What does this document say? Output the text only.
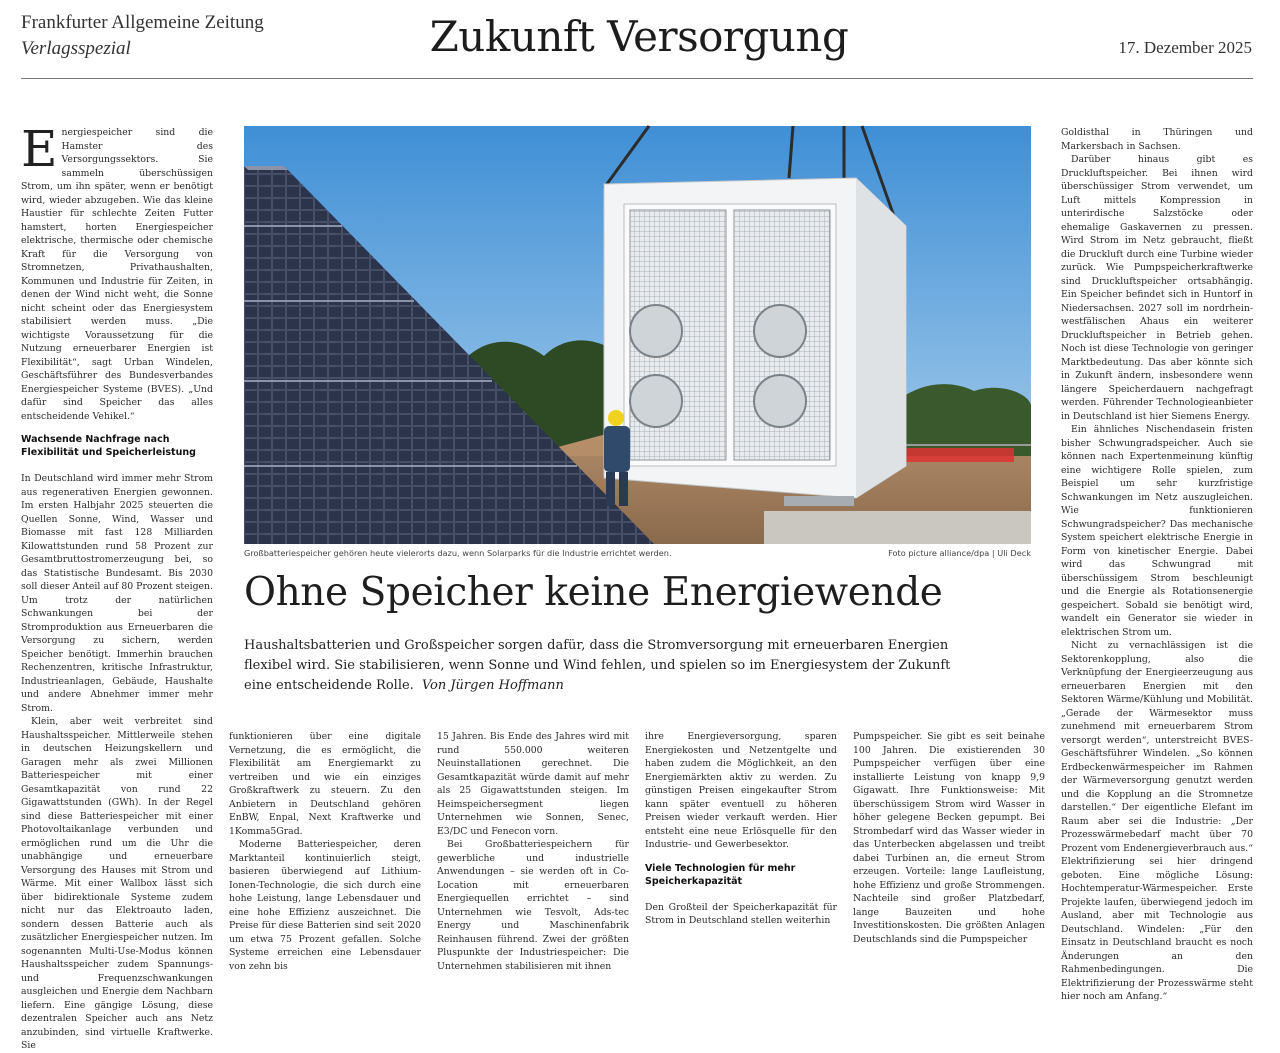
Frankfurter Allgemeine Zeitung
Verlagsspezial	Zukunft Versorgung	17. Dezember 2025

Energiespeicher sind die Hamster des Versorgungssektors. Sie sammeln überschüssigen Strom, um ihn später, wenn er benötigt wird, wieder abzugeben. Wie das kleine Haustier für schlechte Zeiten Futter hamstert, horten Energiespeicher elektrische, thermische oder chemische Kraft für die Versorgung von Stromnetzen, Privathaushalten, Kommunen und Industrie für Zeiten, in denen der Wind nicht weht, die Sonne nicht scheint oder das Energiesystem stabilisiert werden muss. „Die wichtigste Voraussetzung für die Nutzung erneuerbarer Energien ist Flexibilität“, sagt Urban Windelen, Geschäftsführer des Bundesverbandes Energiespeicher Systeme (BVES). „Und dafür sind Speicher das alles entscheidende Vehikel.“

Wachsende Nachfrage nach Flexibilität und Speicherleistung

In Deutschland wird immer mehr Strom aus regenerativen Energien gewonnen. Im ersten Halbjahr 2025 steuerten die Quellen Sonne, Wind, Wasser und Biomasse mit fast 128 Milliarden Kilowattstunden rund 58 Prozent zur Gesamtbruttostromerzeugung bei, so das Statistische Bundesamt. Bis 2030 soll dieser Anteil auf 80 Prozent steigen. Um trotz der natürlichen Schwankungen bei der Stromproduktion aus Erneuerbaren die Versorgung zu sichern, werden Speicher benötigt. Immerhin brauchen Rechenzentren, kritische Infrastruktur, Industrieanlagen, Gebäude, Haushalte und andere Abnehmer immer mehr Strom.

Klein, aber weit verbreitet sind Haushaltsspeicher. Mittlerweile stehen in deutschen Heizungskellern und Garagen mehr als zwei Millionen Batteriespeicher mit einer Gesamtkapazität von rund 22 Gigawattstunden (GWh). In der Regel sind diese Batteriespeicher mit einer Photovoltaikanlage verbunden und ermöglichen rund um die Uhr die unabhängige und erneuerbare Versorgung des Hauses mit Strom und Wärme. Mit einer Wallbox lässt sich über bidirektionale Systeme zudem nicht nur das Elektroauto laden, sondern dessen Batterie auch als zusätzlicher Energiespeicher nutzen. Im sogenannten Multi-Use-Modus können Haushaltsspeicher zudem Spannungs- und Frequenzschwankungen ausgleichen und Energie dem Nachbarn liefern. Eine gängige Lösung, diese dezentralen Speicher auch ans Netz anzubinden, sind virtuelle Kraftwerke. Sie

Großbatteriespeicher gehören heute vielerorts dazu, wenn Solarparks für die Industrie errichtet werden.	Foto picture alliance/dpa | Uli Deck
Ohne Speicher keine Energiewende
Haushaltsbatterien und Großspeicher sorgen dafür, dass die Stromversorgung mit erneuerbaren Energien flexibel wird. Sie stabilisieren, wenn Sonne und Wind fehlen, und spielen so im Energiesystem der Zukunft eine entscheidende Rolle. Von Jürgen Hoffmann

funktionieren über eine digitale Vernetzung, die es ermöglicht, die Flexibilität am Energiemarkt zu vertreiben und wie ein einziges Großkraftwerk zu steuern. Zu den Anbietern in Deutschland gehören EnBW, Enpal, Next Kraftwerke und 1Komma5Grad.

Moderne Batteriespeicher, deren Marktanteil kontinuierlich steigt, basieren überwiegend auf Lithium-Ionen-Technologie, die sich durch eine hohe Leistung, lange Lebensdauer und eine hohe Effizienz auszeichnet. Die Preise für diese Batterien sind seit 2020 um etwa 75 Prozent gefallen. Solche Systeme erreichen eine Lebensdauer von zehn bis

15 Jahren. Bis Ende des Jahres wird mit rund 550.000 weiteren Neuinstallationen gerechnet. Die Gesamtkapazität würde damit auf mehr als 25 Gigawattstunden steigen. Im Heimspeichersegment liegen Unternehmen wie Sonnen, Senec, E3/DC und Fenecon vorn.

Bei Großbatteriespeichern für gewerbliche und industrielle Anwendungen – sie werden oft in Co-Location mit erneuerbaren Energiequellen errichtet – sind Unternehmen wie Tesvolt, Ads-tec Energy und Maschinenfabrik Reinhausen führend. Zwei der größten Pluspunkte der Industriespeicher: Die Unternehmen stabilisieren mit ihnen

ihre Energieversorgung, sparen Energiekosten und Netzentgelte und haben zudem die Möglichkeit, an den Energiemärkten aktiv zu werden. Zu günstigen Preisen eingekaufter Strom kann später eventuell zu höheren Preisen wieder verkauft werden. Hier entsteht eine neue Erlösquelle für den Industrie- und Gewerbesektor.

Viele Technologien für mehr Speicherkapazität

Den Großteil der Speicherkapazität für Strom in Deutschland stellen weiterhin

Pumpspeicher. Sie gibt es seit beinahe 100 Jahren. Die existierenden 30 Pumpspeicher verfügen über eine installierte Leistung von knapp 9,9 Gigawatt. Ihre Funktionsweise: Mit überschüssigem Strom wird Wasser in höher gelegene Becken gepumpt. Bei Strombedarf wird das Wasser wieder in das Unterbecken abgelassen und treibt dabei Turbinen an, die erneut Strom erzeugen. Vorteile: lange Laufleistung, hohe Effizienz und große Strommengen. Nachteile sind großer Platzbedarf, lange Bauzeiten und hohe Investitionskosten. Die größten Anlagen Deutschlands sind die Pumpspeicher

Goldisthal in Thüringen und Markersbach in Sachsen.

Darüber hinaus gibt es Druckluftspeicher. Bei ihnen wird überschüssiger Strom verwendet, um Luft mittels Kompression in unterirdische Salzstöcke oder ehemalige Gaskavernen zu pressen. Wird Strom im Netz gebraucht, fließt die Druckluft durch eine Turbine wieder zurück. Wie Pumpspeicherkraftwerke sind Druckluftspeicher ortsabhängig. Ein Speicher befindet sich in Huntorf in Niedersachsen. 2027 soll im nordrhein-westfälischen Ahaus ein weiterer Druckluftspeicher in Betrieb gehen. Noch ist diese Technologie von geringer Marktbedeutung. Das aber könnte sich in Zukunft ändern, insbesondere wenn längere Speicherdauern nachgefragt werden. Führender Technologieanbieter in Deutschland ist hier Siemens Energy.

Ein ähnliches Nischendasein fristen bisher Schwungradspeicher. Auch sie können nach Expertenmeinung künftig eine wichtigere Rolle spielen, zum Beispiel um sehr kurzfristige Schwankungen im Netz auszugleichen. Wie funktionieren Schwungradspeicher? Das mechanische System speichert elektrische Energie in Form von kinetischer Energie. Dabei wird das Schwungrad mit überschüssigem Strom beschleunigt und die Energie als Rotationsenergie gespeichert. Sobald sie benötigt wird, wandelt ein Generator sie wieder in elektrischen Strom um.

Nicht zu vernachlässigen ist die Sektorenkopplung, also die Verknüpfung der Energieerzeugung aus erneuerbaren Energien mit den Sektoren Wärme/Kühlung und Mobilität. „Gerade der Wärmesektor muss zunehmend mit erneuerbarem Strom versorgt werden“, unterstreicht BVES-Geschäftsführer Windelen. „So können Erdbeckenwärmespeicher im Rahmen der Wärmeversorgung genutzt werden und die Kopplung an die Stromnetze darstellen.“ Der eigentliche Elefant im Raum aber sei die Industrie: „Der Prozesswärmebedarf macht über 70 Prozent vom Endenergieverbrauch aus.“ Elektrifizierung sei hier dringend geboten. Eine mögliche Lösung: Hochtemperatur-Wärmespeicher. Erste Projekte laufen, überwiegend jedoch im Ausland, aber mit Technologie aus Deutschland. Windelen: „Für den Einsatz in Deutschland braucht es noch Änderungen an den Rahmenbedingungen. Die Elektrifizierung der Prozesswärme steht hier noch am Anfang.“
